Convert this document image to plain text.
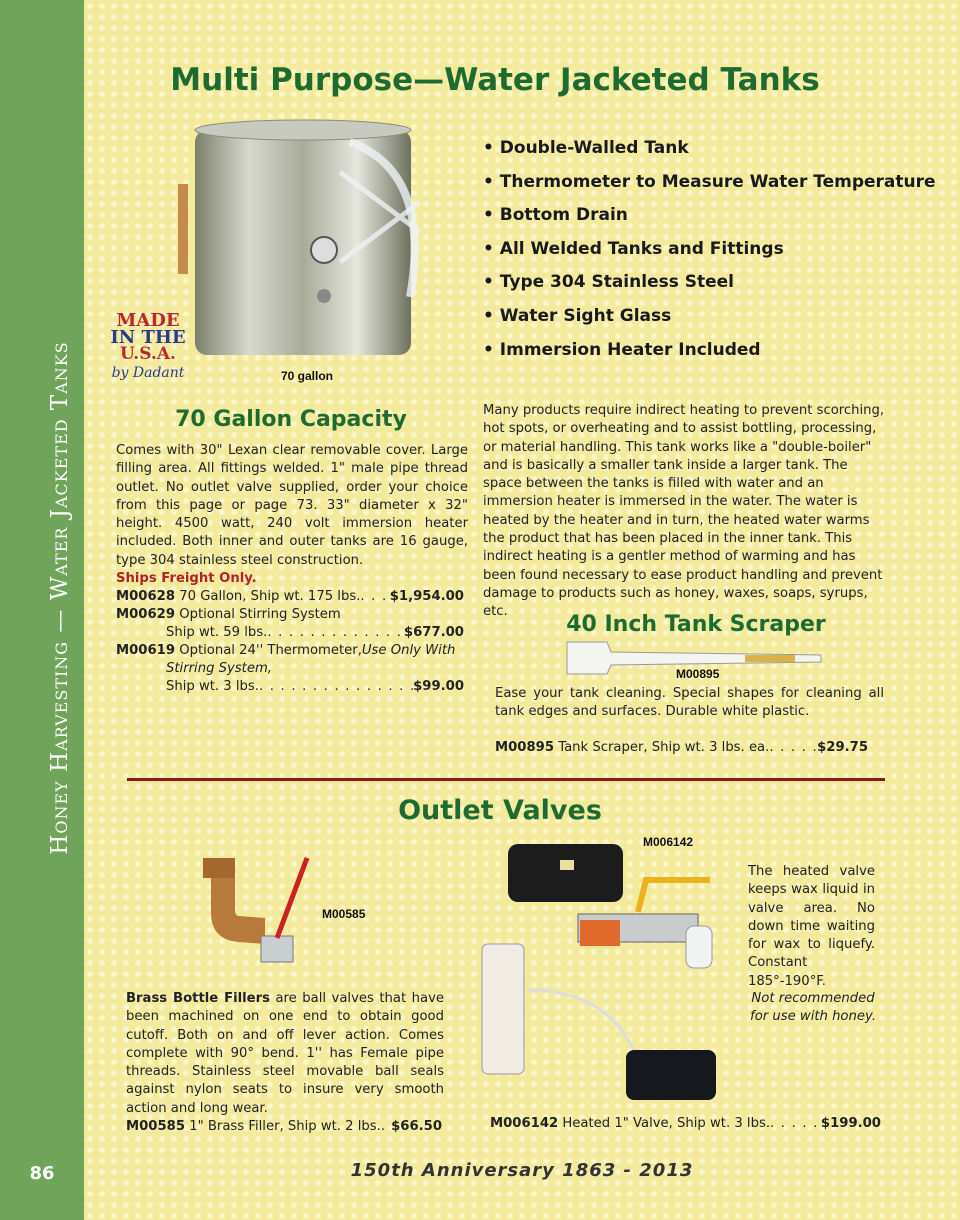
Honey Harvesting — Water Jacketed Tanks
86
Multi Purpose—Water Jacketed Tanks
70 gallon
MADE
IN THE
U.S.A.
by Dadant
• Double-Walled Tank
• Thermometer to Measure Water Temperature
• Bottom Drain
• All Welded Tanks and Fittings
• Type 304 Stainless Steel
• Water Sight Glass
• Immersion Heater Included
70 Gallon Capacity

Comes with 30" Lexan clear removable cover. Large filling area. All fittings welded. 1" male pipe thread outlet. No outlet valve supplied, order your choice from this page or page 73. 33" diameter x 32" height. 4500 watt, 240 volt immersion heater included. Both inner and outer tanks are 16 gauge, type 304 stainless steel construction.
Ships Freight Only.

M00628
70 Gallon, Ship wt. 175 lbs. . . . $1,954.00
M00629
Optional Stirring System
Ship wt. 59 lbs. . . .	$677.00
M00619
Optional 24'' Thermometer, Use Only With
Stirring System,
Ship wt. 3 lbs. . . .	$99.00

Many products require indirect heating to prevent scorching, hot spots, or overheating and to assist bottling, processing, or material handling. This tank works like a "double-boiler" and is basically a smaller tank inside a larger tank. The space between the tanks is filled with water and an immersion heater is immersed in the water. The water is heated by the heater and in turn, the heated water warms the product that has been placed in the inner tank. This indirect heating is a gentler method of warming and has been found necessary to ease product handling and prevent damage to products such as honey, waxes, soaps, syrups, etc.

40 Inch Tank Scraper
M00895

Ease your tank cleaning. Special shapes for cleaning all tank edges and surfaces. Durable white plastic.

M00895
Tank Scraper, Ship wt. 3 lbs. ea. . . .	$29.75
Outlet Valves
M00585

Brass Bottle Fillers are ball valves that have been machined on one end to obtain good cutoff. Both on and off lever action. Comes complete with 90° bend. 1'' has Female pipe threads. Stainless steel movable ball seals against nylon seats to insure very smooth action and long wear.

M00585
1" Brass Filler, Ship wt. 2 lbs. . . . $66.50
M006142

The heated valve keeps wax liquid in valve area. No down time waiting for wax to liquefy. Constant 185°-190°F.

Not recommended for use with honey.

M006142
Heated 1" Valve, Ship wt. 3 lbs. . . .	$199.00
150th Anniversary 1863 - 2013
